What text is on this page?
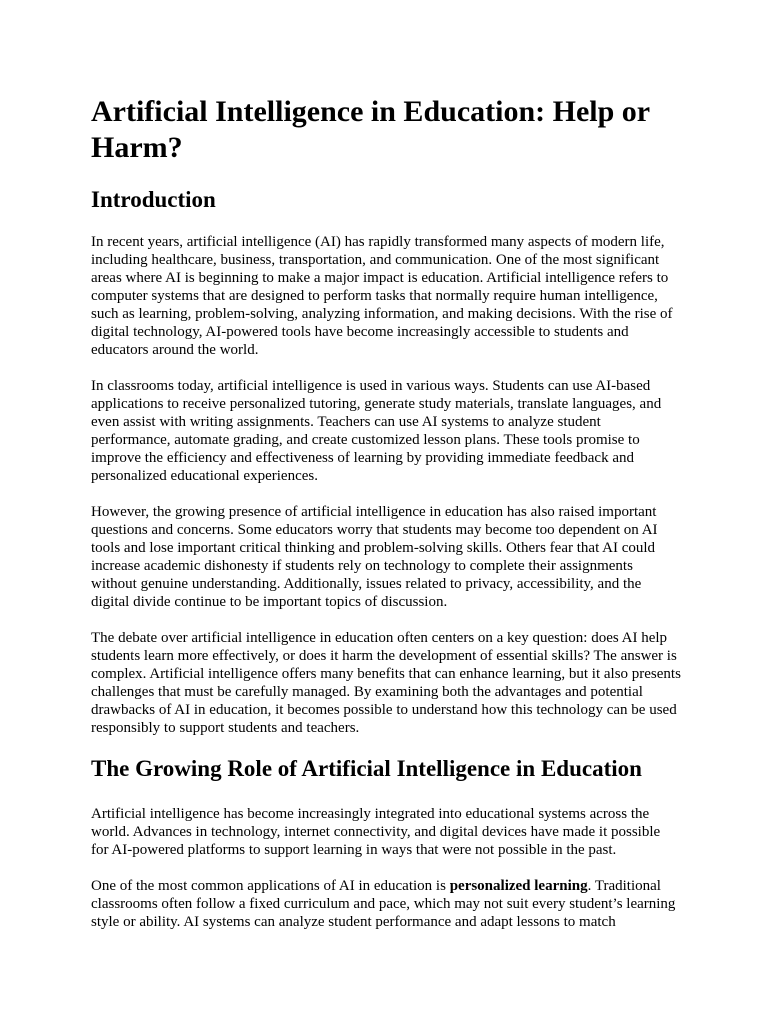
Artificial Intelligence in Education: Help or Harm?
Introduction

In recent years, artificial intelligence (AI) has rapidly transformed many aspects of modern life, including healthcare, business, transportation, and communication. One of the most significant areas where AI is beginning to make a major impact is education. Artificial intelligence refers to computer systems that are designed to perform tasks that normally require human intelligence, such as learning, problem-solving, analyzing information, and making decisions. With the rise of digital technology, AI-powered tools have become increasingly accessible to students and educators around the world.

In classrooms today, artificial intelligence is used in various ways. Students can use AI-based applications to receive personalized tutoring, generate study materials, translate languages, and even assist with writing assignments. Teachers can use AI systems to analyze student performance, automate grading, and create customized lesson plans. These tools promise to improve the efficiency and effectiveness of learning by providing immediate feedback and personalized educational experiences.

However, the growing presence of artificial intelligence in education has also raised important questions and concerns. Some educators worry that students may become too dependent on AI tools and lose important critical thinking and problem-solving skills. Others fear that AI could increase academic dishonesty if students rely on technology to complete their assignments without genuine understanding. Additionally, issues related to privacy, accessibility, and the digital divide continue to be important topics of discussion.

The debate over artificial intelligence in education often centers on a key question: does AI help students learn more effectively, or does it harm the development of essential skills? The answer is complex. Artificial intelligence offers many benefits that can enhance learning, but it also presents challenges that must be carefully managed. By examining both the advantages and potential drawbacks of AI in education, it becomes possible to understand how this technology can be used responsibly to support students and teachers.

The Growing Role of Artificial Intelligence in Education

Artificial intelligence has become increasingly integrated into educational systems across the world. Advances in technology, internet connectivity, and digital devices have made it possible for AI-powered platforms to support learning in ways that were not possible in the past.

One of the most common applications of AI in education is personalized learning. Traditional classrooms often follow a fixed curriculum and pace, which may not suit every student’s learning style or ability. AI systems can analyze student performance and adapt lessons to match
